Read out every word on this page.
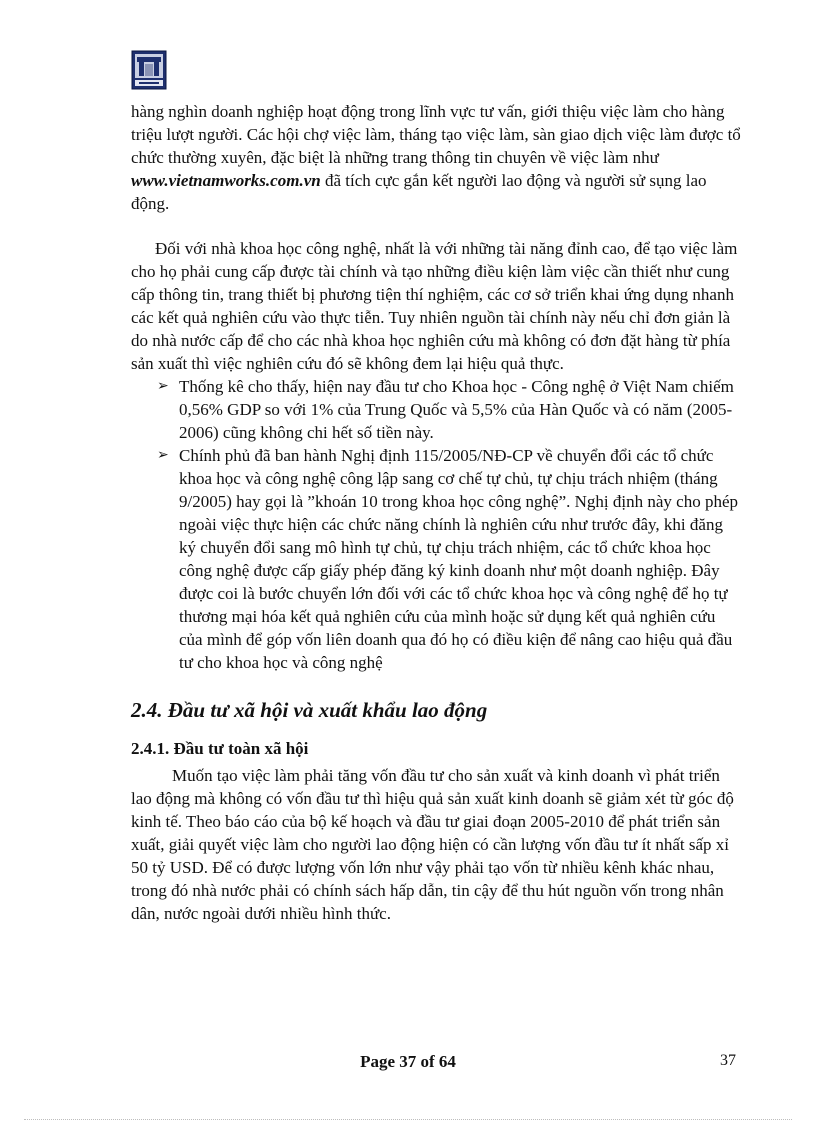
hàng nghìn doanh nghiệp hoạt động trong lĩnh vực tư vấn, giới thiệu việc làm cho hàng triệu lượt người. Các hội chợ việc làm, tháng tạo việc làm, sàn giao dịch việc làm được tổ chức thường xuyên, đặc biệt là những trang thông tin chuyên về việc làm như www.vietnamworks.com.vn đã tích cực gắn kết người lao động và người sử sụng lao động.

Đối với nhà khoa học công nghệ, nhất là với những tài năng đỉnh cao, để tạo việc làm cho họ phải cung cấp được tài chính và tạo những điều kiện làm việc cần thiết như cung cấp thông tin, trang thiết bị phương tiện thí nghiệm, các cơ sở triển khai ứng dụng nhanh các kết quả nghiên cứu vào thực tiễn. Tuy nhiên nguồn tài chính này nếu chỉ đơn giản là do nhà nước cấp để cho các nhà khoa học nghiên cứu mà không có đơn đặt hàng từ phía sản xuất thì việc nghiên cứu đó sẽ không đem lại hiệu quả thực.

➢ Thống kê cho thấy, hiện nay đầu tư cho Khoa học - Công nghệ ở Việt Nam chiếm 0,56% GDP so với 1% của Trung Quốc và 5,5% của Hàn Quốc và có năm (2005-2006) cũng không chi hết số tiền này.
➢ Chính phủ đã ban hành Nghị định 115/2005/NĐ-CP về chuyển đổi các tổ chức khoa học và công nghệ công lập sang cơ chế tự chủ, tự chịu trách nhiệm (tháng 9/2005) hay gọi là ”khoán 10 trong khoa học công nghệ”. Nghị định này cho phép ngoài việc thực hiện các chức năng chính là nghiên cứu như trước đây, khi đăng ký chuyển đổi sang mô hình tự chủ, tự chịu trách nhiệm, các tổ chức khoa học công nghệ được cấp giấy phép đăng ký kinh doanh như một doanh nghiệp. Đây được coi là bước chuyển lớn đối với các tổ chức khoa học và công nghệ để họ tự thương mại hóa kết quả nghiên cứu của mình hoặc sử dụng kết quả nghiên cứu của mình để góp vốn liên doanh qua đó họ có điều kiện để nâng cao hiệu quả đầu tư cho khoa học và công nghệ
2.4. Đầu tư xã hội và xuất khẩu lao động
2.4.1. Đầu tư toàn xã hội

Muốn tạo việc làm phải tăng vốn đầu tư cho sản xuất và kinh doanh vì phát triển lao động mà không có vốn đầu tư thì hiệu quả sản xuất kinh doanh sẽ giảm xét từ góc độ kinh tế. Theo báo cáo của bộ kế hoạch và đầu tư giai đoạn 2005-2010 để phát triển sản xuất, giải quyết việc làm cho người lao động hiện có cần lượng vốn đầu tư ít nhất sấp xỉ 50 tỷ USD. Để có được lượng vốn lớn như vậy phải tạo vốn từ nhiều kênh khác nhau, trong đó nhà nước phải có chính sách hấp dẫn, tin cậy để thu hút nguồn vốn trong nhân dân, nước ngoài dưới nhiều hình thức.

Page 37 of 64	37
